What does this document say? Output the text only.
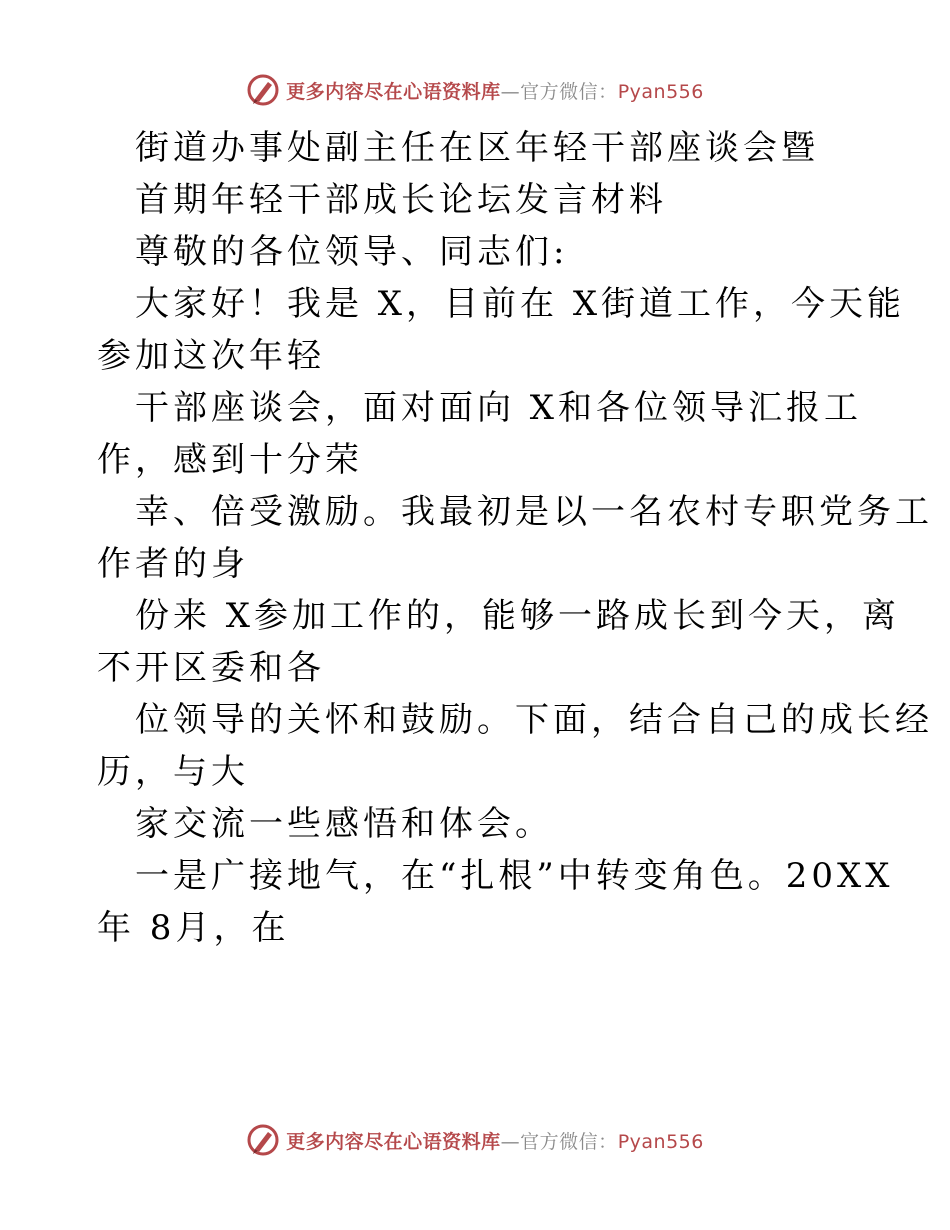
更多内容尽在心语资料库—官方微信：Pyan556
街道办事处副主任在区年轻干部座谈会暨
首期年轻干部成长论坛发言材料
尊敬的各位领导、同志们:
大家好！我是 X，目前在 X街道工作，今天能
参加这次年轻
干部座谈会，面对面向 X和各位领导汇报工
作，感到十分荣
幸、倍受激励。我最初是以一名农村专职党务工
作者的身
份来 X参加工作的，能够一路成长到今天，离
不开区委和各
位领导的关怀和鼓励。下面，结合自己的成长经
历，与大
家交流一些感悟和体会。
一是广接地气，在“扎根”中转变角色。20XX
年 8月，在
更多内容尽在心语资料库—官方微信：Pyan556
